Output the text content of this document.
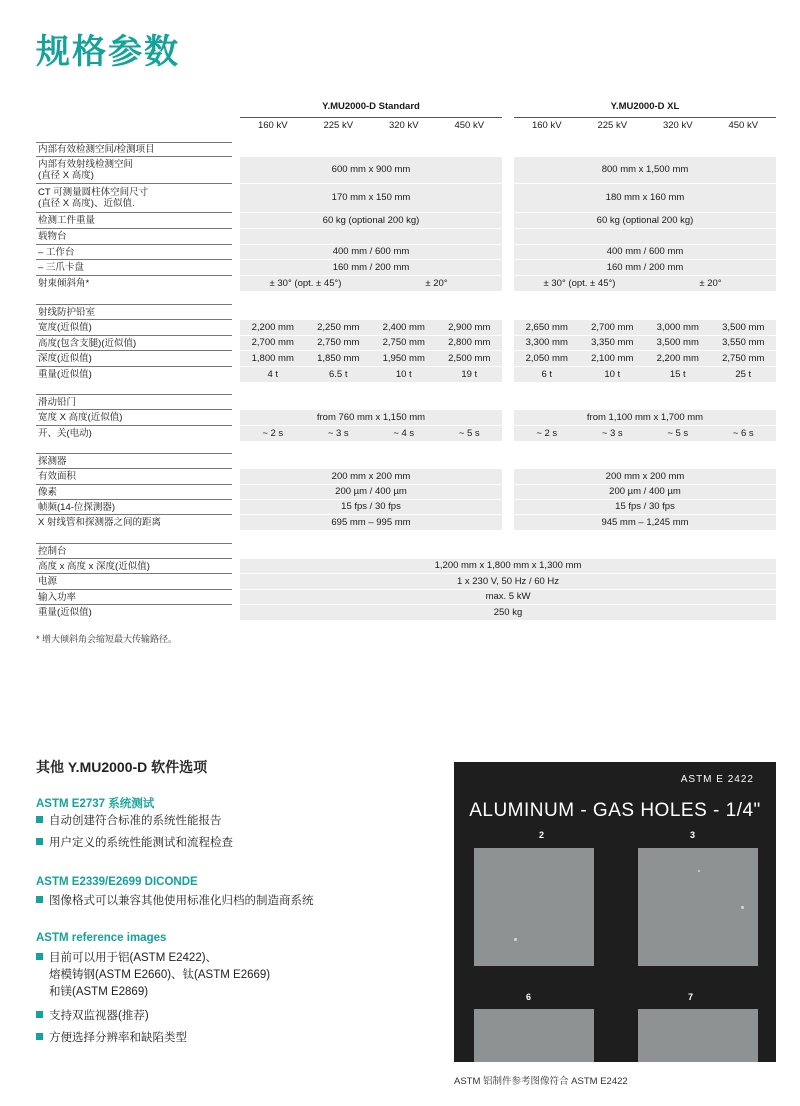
规格参数
Y.MU2000-D Standard	Y.MU2000-D XL
160 kV	225 kV	320 kV	450 kV	160 kV	225 kV	320 kV	450 kV
内部有效检测空间/检测项目
内部有效射线检测空间
(直径 X 高度)
600 mm x 900 mm	800 mm x 1,500 mm
CT 可测量圆柱体空间尺寸
(直径 X 高度)、近似值.
170 mm x 150 mm	180 mm x 160 mm
检测工件重量	60 kg (optional 200 kg)	60 kg (optional 200 kg)
载物台
– 工作台	400 mm / 600 mm	400 mm / 600 mm
– 三爪卡盘	160 mm / 200 mm	160 mm / 200 mm
射束倾斜角*	± 30° (opt. ± 45°)	± 20°	± 30° (opt. ± 45°)	± 20°
射线防护铅室
宽度(近似值)	2,200 mm	2,250 mm	2,400 mm	2,900 mm	2,650 mm	2,700 mm	3,000 mm	3,500 mm
高度(包含支腿)(近似值)	2,700 mm	2,750 mm	2,750 mm	2,800 mm	3,300 mm	3,350 mm	3,500 mm	3,550 mm
深度(近似值)	1,800 mm	1,850 mm	1,950 mm	2,500 mm	2,050 mm	2,100 mm	2,200 mm	2,750 mm
重量(近似值)	4 t	6.5 t	10 t	19 t	6 t	10 t	15 t	25 t
滑动铅门
宽度 X 高度(近似值)	from 760 mm x 1,150 mm	from 1,100 mm x 1,700 mm
开、关(电动)	~ 2 s	~ 3 s	~ 4 s	~ 5 s	~ 2 s	~ 3 s	~ 5 s	~ 6 s
探测器
有效面积	200 mm x 200 mm	200 mm x 200 mm
像素	200 µm / 400 µm	200 µm / 400 µm
帧频(14-位探测器)	15 fps / 30 fps	15 fps / 30 fps
X 射线管和探测器之间的距离	695 mm – 995 mm	945 mm – 1,245 mm
控制台
高度 x 高度 x 深度(近似值)	1,200 mm x 1,800 mm x 1,300 mm
电源	1 x 230 V, 50 Hz / 60 Hz
输入功率	max. 5 kW
重量(近似值)	250 kg
* 增大倾斜角会缩短最大传输路径。
其他 Y.MU2000-D 软件选项
ASTM E2737 系统测试
自动创建符合标准的系统性能报告
用户定义的系统性能测试和流程检查
ASTM E2339/E2699 DICONDE
图像格式可以兼容其他使用标准化归档的制造商系统
ASTM reference images
目前可以用于铝(ASTM E2422)、
熔模铸钢(ASTM E2660)、钛(ASTM E2669)
和镁(ASTM E2869)
支持双监视器(推荐)
方便选择分辨率和缺陷类型
ASTM E 2422
ALUMINUM - GAS HOLES - 1/4"
2	3
6	7
ASTM 铝制件参考图像符合 ASTM E2422
